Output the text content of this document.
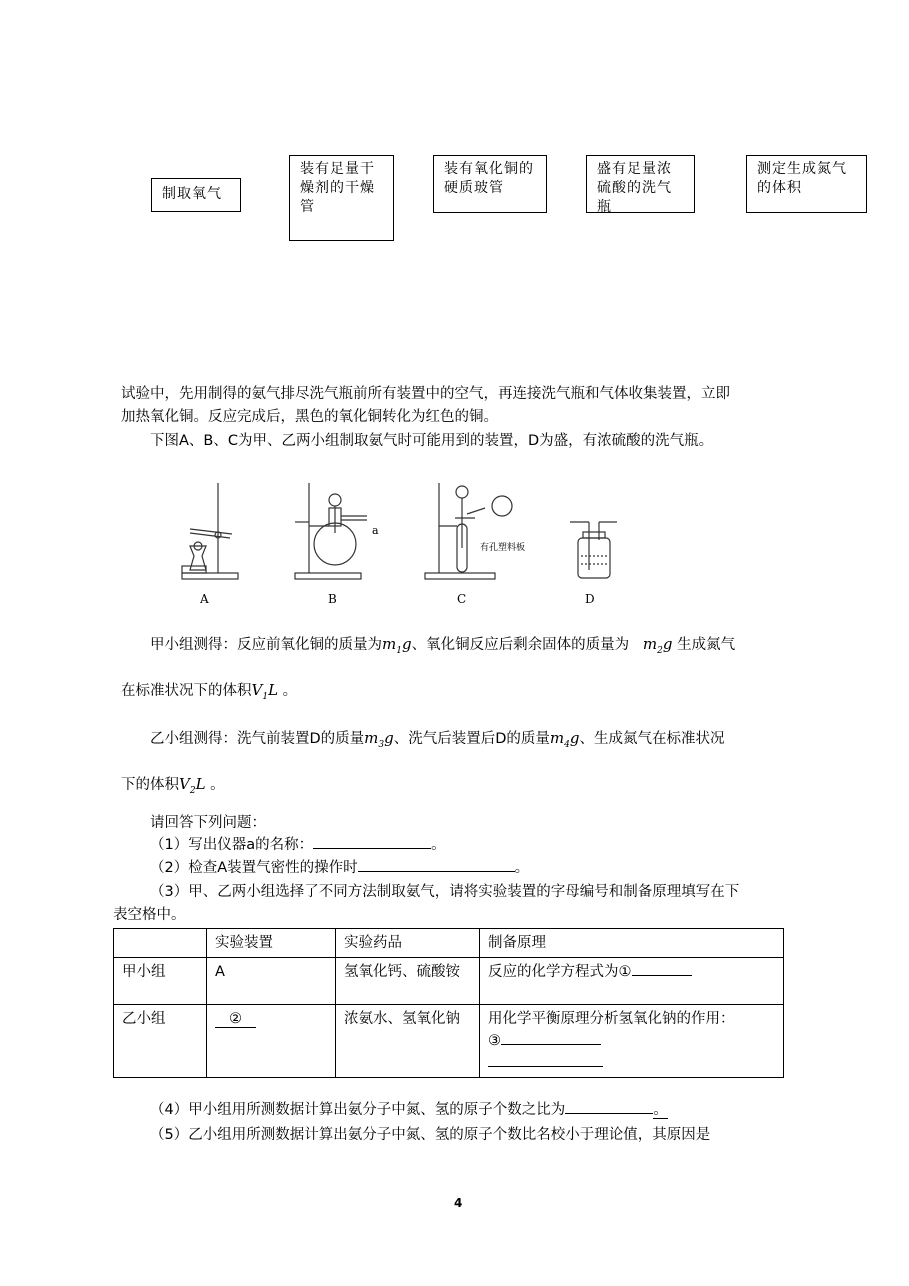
制取氧气
装有足量干燥剂的干燥管
装有氧化铜的硬质玻管
盛有足量浓硫酸的洗气瓶
测定生成氮气的体积
试验中，先用制得的氨气排尽洗气瓶前所有装置中的空气，再连接洗气瓶和气体收集装置，立即
加热氧化铜。反应完成后，黑色的氧化铜转化为红色的铜。
下图A、B、C为甲、乙两小组制取氨气时可能用到的装置，D为盛，有浓硫酸的洗气瓶。
A	B	C	D
a
有孔塑料板
甲小组测得：反应前氧化铜的质量为$m_1g$、氧化铜反应后剩余固体的质量为 $m_2g$ 生成氮气
在标准状况下的体积$V_1L$ 。
乙小组测得：洗气前装置D的质量$m_3g$、洗气后装置后D的质量$m_4g$、生成氮气在标准状况
下的体积$V_2L$ 。
请回答下列问题：
（1）写出仪器a的名称：	。
（2）检查A装置气密性的操作时	。
（3）甲、乙两小组选择了不同方法制取氨气，请将实验装置的字母编号和制备原理填写在下
表空格中。
	实验装置	实验药品	制备原理
甲小组	A	氢氧化钙、硫酸铵	反应的化学方程式为①
乙小组	②	浓氨水、氢氧化钠	用化学平衡原理分析氢氧化钠的作用：
③
（4）甲小组用所测数据计算出氨分子中氮、氢的原子个数之比为	。
（5）乙小组用所测数据计算出氨分子中氮、氢的原子个数比名校小于理论值，其原因是
4
